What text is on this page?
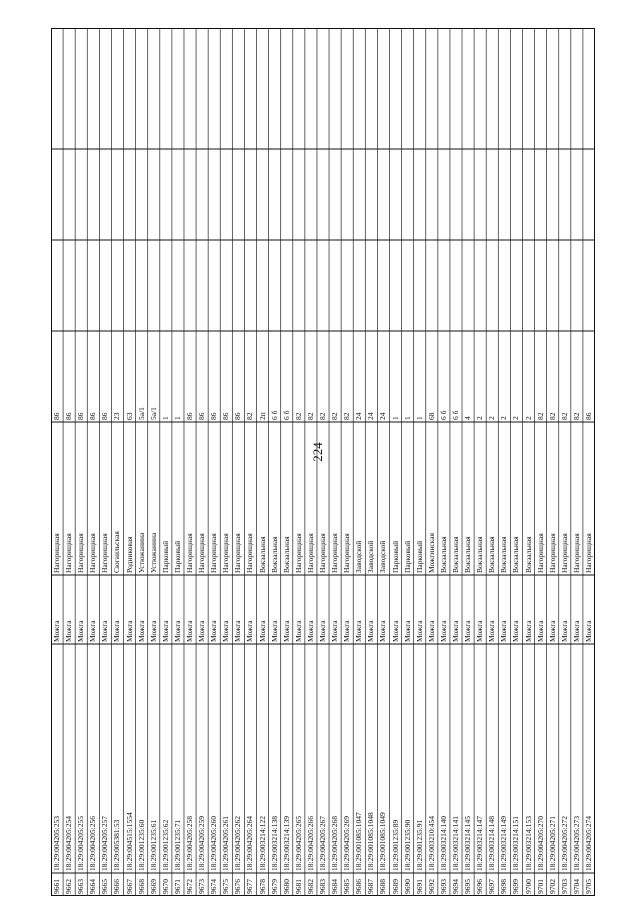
224
9661
18:29:004205:253
Можга
Нагорищная
86
9662
18:29:004205:254
Можга
Нагорищная
86
9663
18:29:004205:255
Можга
Нагорищная
86
9664
18:29:004205:256
Можга
Нагорищная
86
9665
18:29:004205:257
Можга
Нагорищная
86
9666
18:29:005381:53
Можга
Сюгаильская
23
9667
18:29:004515:1554
Можга
Родниковая
63
9668
18:29:001235:60
Можга
Устюжанина
5а/1
9669
18:29:001235:61
Можга
Устюжанина
5а/1
9670
18:29:001235:62
Можга
Парковый
1
9671
18:29:001235:71
Можга
Парковый
1
9672
18:29:004205:258
Можга
Нагорищная
86
9673
18:29:004205:259
Можга
Нагорищная
86
9674
18:29:004205:260
Можга
Нагорищная
86
9675
18:29:004205:261
Можга
Нагорищная
86
9676
18:29:004205:262
Можга
Нагорищная
86
9677
18:29:004205:264
Можга
Нагорищная
82
9678
18:29:003214:122
Можга
Вокзальная
2п
9679
18:29:003214:138
Можга
Вокзальная
6 б
9680
18:29:003214:139
Можга
Вокзальная
6 б
9681
18:29:004205:265
Можга
Нагорищная
82
9682
18:29:004205:266
Можга
Нагорищная
82
9683
18:29:004205:267
Можга
Нагорищная
82
9684
18:29:004205:268
Можга
Нагорищная
82
9685
18:29:004205:269
Можга
Нагорищная
82
9686
18:29:001085:1047
Можга
Заводской
24
9687
18:29:001085:1048
Можга
Заводской
24
9688
18:29:001085:1049
Можга
Заводской
24
9689
18:29:001235:89
Можга
Парковый
1
9690
18:29:001235:90
Можга
Парковый
1
9691
18:29:001235:91
Можга
Парковый
1
9692
18:29:003210:454
Можга
Можгинская
68
9693
18:29:003214:140
Можга
Вокзальная
6 б
9694
18:29:003214:141
Можга
Вокзальная
6 б
9695
18:29:003214:145
Можга
Вокзальная
4
9696
18:29:003214:147
Можга
Вокзальная
2
9697
18:29:003214:148
Можга
Вокзальная
2
9698
18:29:003214:149
Можга
Вокзальная
2
9699
18:29:003214:151
Можга
Вокзальная
2
9700
18:29:003214:153
Можга
Вокзальная
2
9701
18:29:004205:270
Можга
Нагорищная
82
9702
18:29:004205:271
Можга
Нагорищная
82
9703
18:29:004205:272
Можга
Нагорищная
82
9704
18:29:004205:273
Можга
Нагорищная
82
9705
18:29:004205:274
Можга
Нагорищная
86
